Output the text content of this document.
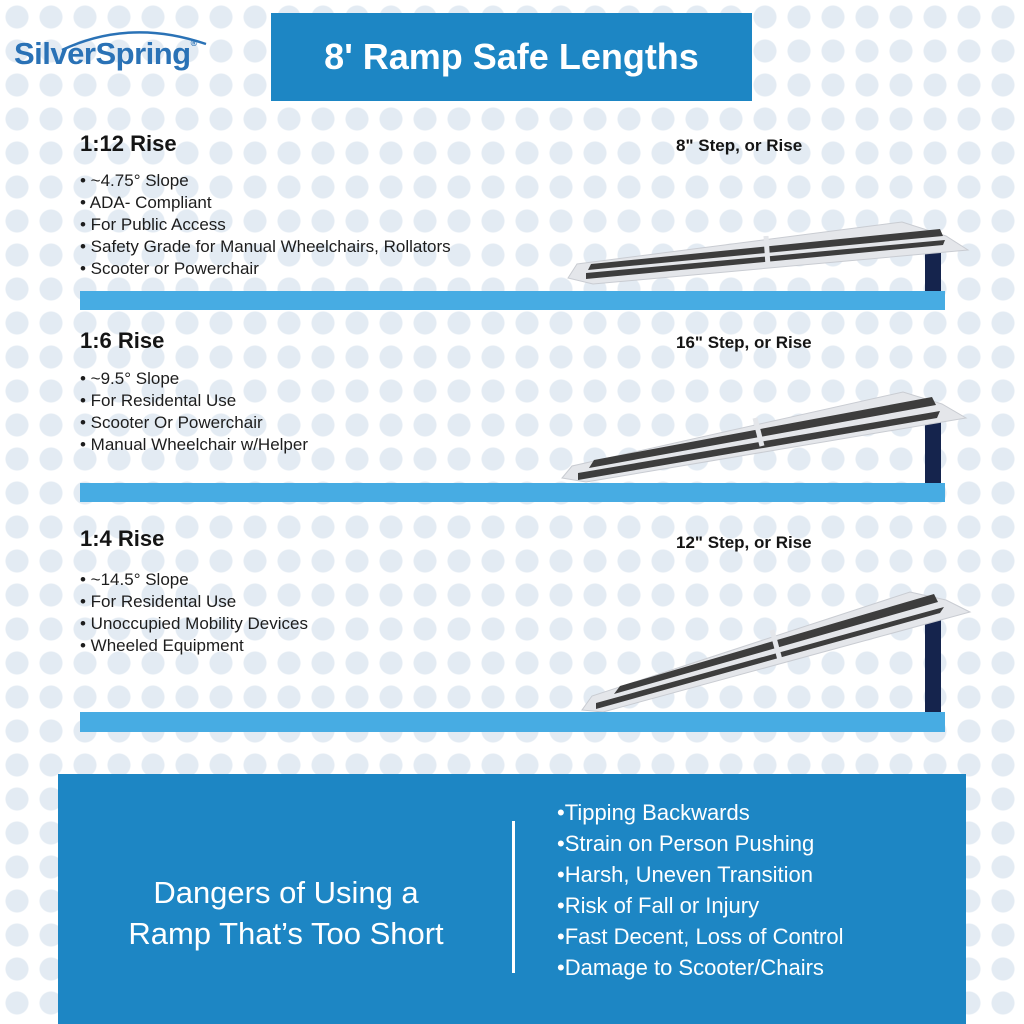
SilverSpring®	8' Ramp Safe Lengths
1:12 Rise	8" Step, or Rise
• ~4.75° Slope
• ADA- Compliant
• For Public Access
• Safety Grade for Manual Wheelchairs, Rollators
• Scooter or Powerchair
1:6 Rise	16" Step, or Rise
• ~9.5° Slope
• For Residental Use
• Scooter Or Powerchair
• Manual Wheelchair w/Helper
1:4 Rise	12" Step, or Rise
• ~14.5° Slope
• For Residental Use
• Unoccupied Mobility Devices
• Wheeled Equipment
Dangers of Using a
Ramp That’s Too Short
•Tipping Backwards
•Strain on Person Pushing
•Harsh, Uneven Transition
•Risk of Fall or Injury
•Fast Decent, Loss of Control
•Damage to Scooter/Chairs
